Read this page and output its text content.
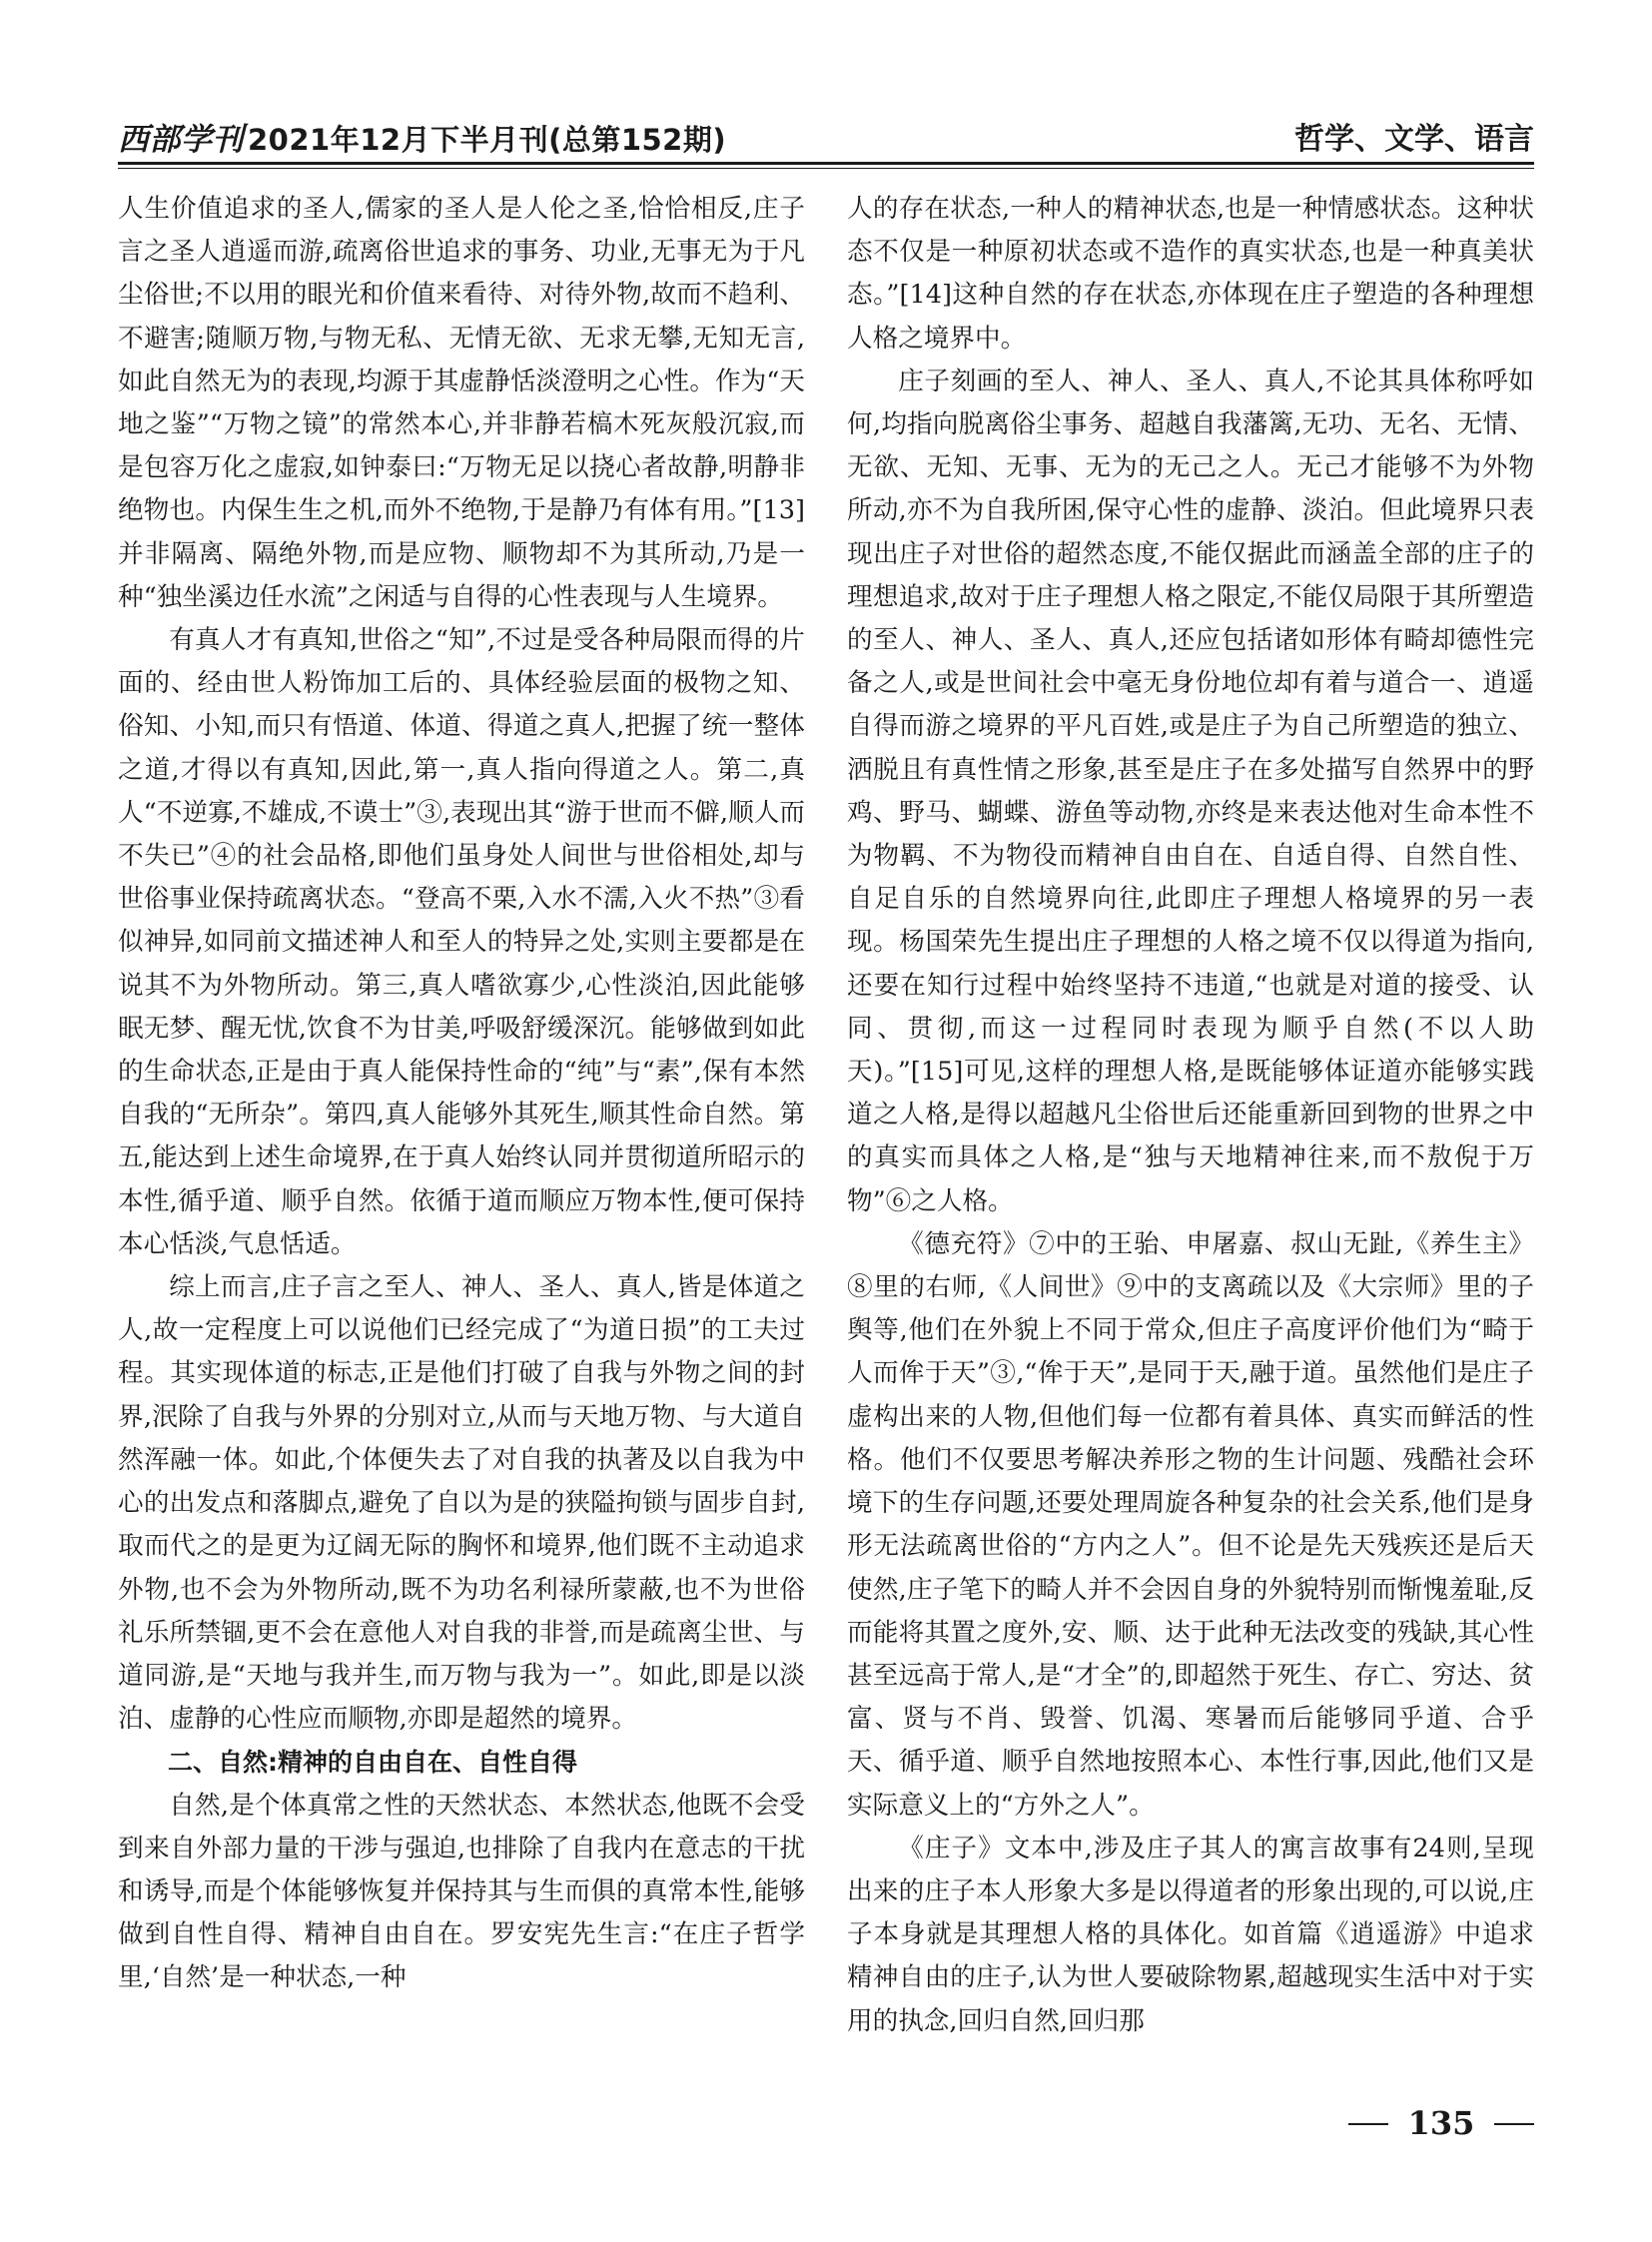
西部学刊 2021年12月下半月刊(总第152期)	哲学、文学、语言

人生价值追求的圣人,儒家的圣人是人伦之圣,恰恰相反,庄子言之圣人逍遥而游,疏离俗世追求的事务、功业,无事无为于凡尘俗世;不以用的眼光和价值来看待、对待外物,故而不趋利、不避害;随顺万物,与物无私、无情无欲、无求无攀,无知无言,如此自然无为的表现,均源于其虚静恬淡澄明之心性。作为“天地之鉴”“万物之镜”的常然本心,并非静若槁木死灰般沉寂,而是包容万化之虚寂,如钟泰曰:“万物无足以挠心者故静,明静非绝物也。内保生生之机,而外不绝物,于是静乃有体有用。”[13]并非隔离、隔绝外物,而是应物、顺物却不为其所动,乃是一种“独坐溪边任水流”之闲适与自得的心性表现与人生境界。

有真人才有真知,世俗之“知”,不过是受各种局限而得的片面的、经由世人粉饰加工后的、具体经验层面的极物之知、俗知、小知,而只有悟道、体道、得道之真人,把握了统一整体之道,才得以有真知,因此,第一,真人指向得道之人。第二,真人“不逆寡,不雄成,不谟士”③,表现出其“游于世而不僻,顺人而不失已”④的社会品格,即他们虽身处人间世与世俗相处,却与世俗事业保持疏离状态。“登高不栗,入水不濡,入火不热”③看似神异,如同前文描述神人和至人的特异之处,实则主要都是在说其不为外物所动。第三,真人嗜欲寡少,心性淡泊,因此能够眠无梦、醒无忧,饮食不为甘美,呼吸舒缓深沉。能够做到如此的生命状态,正是由于真人能保持性命的“纯”与“素”,保有本然自我的“无所杂”。第四,真人能够外其死生,顺其性命自然。第五,能达到上述生命境界,在于真人始终认同并贯彻道所昭示的本性,循乎道、顺乎自然。依循于道而顺应万物本性,便可保持本心恬淡,气息恬适。

综上而言,庄子言之至人、神人、圣人、真人,皆是体道之人,故一定程度上可以说他们已经完成了“为道日损”的工夫过程。其实现体道的标志,正是他们打破了自我与外物之间的封界,泯除了自我与外界的分别对立,从而与天地万物、与大道自然浑融一体。如此,个体便失去了对自我的执著及以自我为中心的出发点和落脚点,避免了自以为是的狭隘拘锁与固步自封,取而代之的是更为辽阔无际的胸怀和境界,他们既不主动追求外物,也不会为外物所动,既不为功名利禄所蒙蔽,也不为世俗礼乐所禁锢,更不会在意他人对自我的非誉,而是疏离尘世、与道同游,是“天地与我并生,而万物与我为一”。如此,即是以淡泊、虚静的心性应而顺物,亦即是超然的境界。

二、自然:精神的自由自在、自性自得

自然,是个体真常之性的天然状态、本然状态,他既不会受到来自外部力量的干涉与强迫,也排除了自我内在意志的干扰和诱导,而是个体能够恢复并保持其与生而俱的真常本性,能够做到自性自得、精神自由自在。罗安宪先生言:“在庄子哲学里,‘自然’是一种状态,一种

人的存在状态,一种人的精神状态,也是一种情感状态。这种状态不仅是一种原初状态或不造作的真实状态,也是一种真美状态。”[14]这种自然的存在状态,亦体现在庄子塑造的各种理想人格之境界中。

庄子刻画的至人、神人、圣人、真人,不论其具体称呼如何,均指向脱离俗尘事务、超越自我藩篱,无功、无名、无情、无欲、无知、无事、无为的无己之人。无己才能够不为外物所动,亦不为自我所困,保守心性的虚静、淡泊。但此境界只表现出庄子对世俗的超然态度,不能仅据此而涵盖全部的庄子的理想追求,故对于庄子理想人格之限定,不能仅局限于其所塑造的至人、神人、圣人、真人,还应包括诸如形体有畸却德性完备之人,或是世间社会中毫无身份地位却有着与道合一、逍遥自得而游之境界的平凡百姓,或是庄子为自己所塑造的独立、洒脱且有真性情之形象,甚至是庄子在多处描写自然界中的野鸡、野马、蝴蝶、游鱼等动物,亦终是来表达他对生命本性不为物羁、不为物役而精神自由自在、自适自得、自然自性、自足自乐的自然境界向往,此即庄子理想人格境界的另一表现。杨国荣先生提出庄子理想的人格之境不仅以得道为指向,还要在知行过程中始终坚持不违道,“也就是对道的接受、认同、贯彻,而这一过程同时表现为顺乎自然(不以人助天)。”[15]可见,这样的理想人格,是既能够体证道亦能够实践道之人格,是得以超越凡尘俗世后还能重新回到物的世界之中的真实而具体之人格,是“独与天地精神往来,而不敖倪于万物”⑥之人格。

《德充符》⑦中的王骀、申屠嘉、叔山无趾,《养生主》⑧里的右师,《人间世》⑨中的支离疏以及《大宗师》里的子舆等,他们在外貌上不同于常众,但庄子高度评价他们为“畸于人而侔于天”③,“侔于天”,是同于天,融于道。虽然他们是庄子虚构出来的人物,但他们每一位都有着具体、真实而鲜活的性格。他们不仅要思考解决养形之物的生计问题、残酷社会环境下的生存问题,还要处理周旋各种复杂的社会关系,他们是身形无法疏离世俗的“方内之人”。但不论是先天残疾还是后天使然,庄子笔下的畸人并不会因自身的外貌特别而惭愧羞耻,反而能将其置之度外,安、顺、达于此种无法改变的残缺,其心性甚至远高于常人,是“才全”的,即超然于死生、存亡、穷达、贫富、贤与不肖、毁誉、饥渴、寒暑而后能够同乎道、合乎天、循乎道、顺乎自然地按照本心、本性行事,因此,他们又是实际意义上的“方外之人”。

《庄子》文本中,涉及庄子其人的寓言故事有24则,呈现出来的庄子本人形象大多是以得道者的形象出现的,可以说,庄子本身就是其理想人格的具体化。如首篇《逍遥游》中追求精神自由的庄子,认为世人要破除物累,超越现实生活中对于实用的执念,回归自然,回归那

135
